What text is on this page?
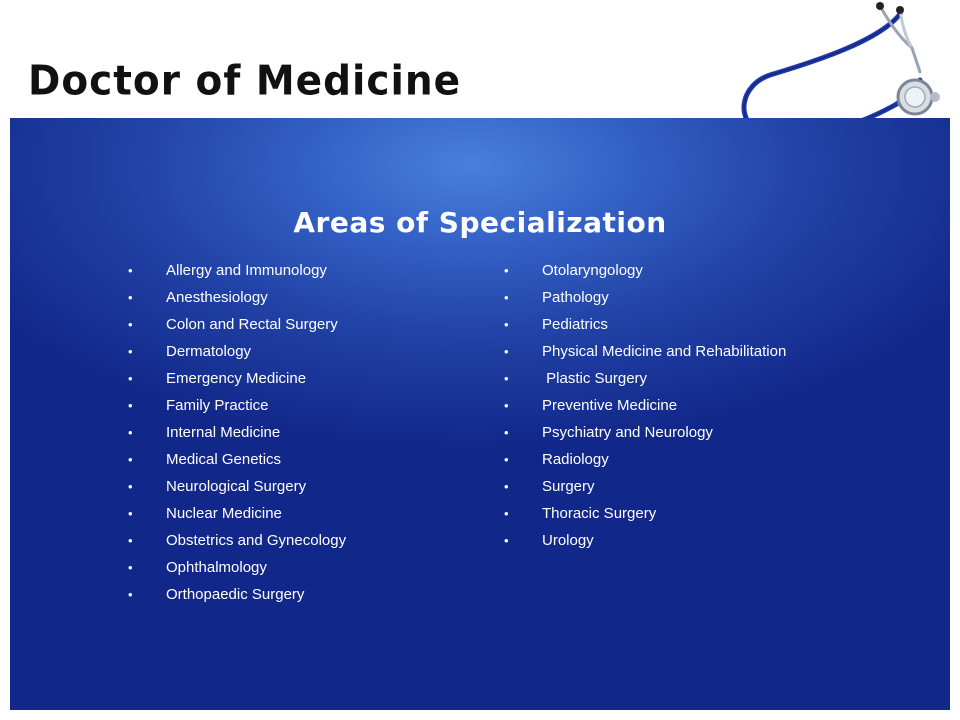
Doctor of Medicine
Areas of Specialization
• Allergy and Immunology
• Anesthesiology
• Colon and Rectal Surgery
• Dermatology
• Emergency Medicine
• Family Practice
• Internal Medicine
• Medical Genetics
• Neurological Surgery
• Nuclear Medicine
• Obstetrics and Gynecology
• Ophthalmology
• Orthopaedic Surgery
• Otolaryngology
• Pathology
• Pediatrics
• Physical Medicine and Rehabilitation
• Plastic Surgery
• Preventive Medicine
• Psychiatry and Neurology
• Radiology
• Surgery
• Thoracic Surgery
• Urology
